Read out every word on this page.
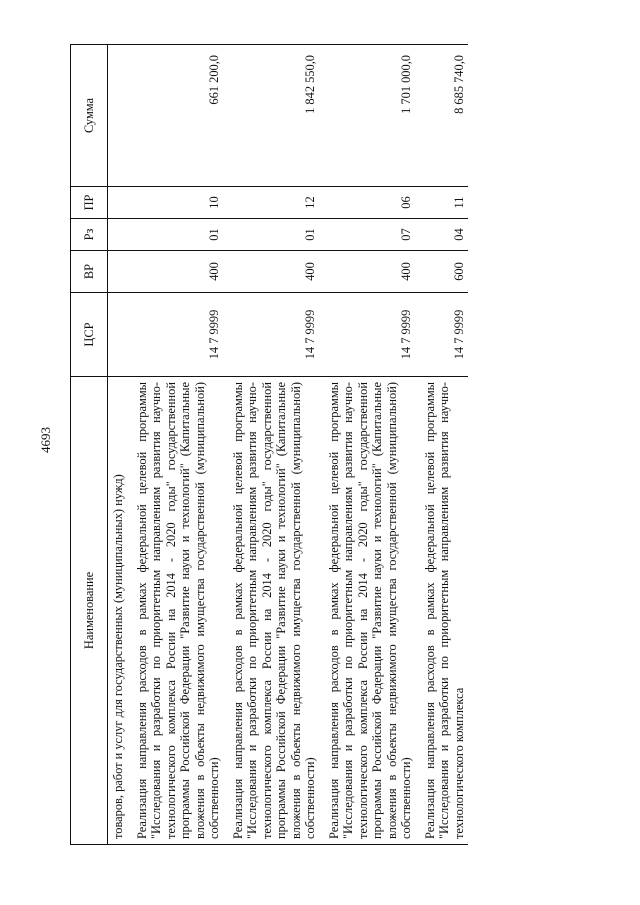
4693
Наименование	ЦСР	ВР	Рз	ПР	Сумма
товаров, работ и услуг для государственных (муниципальных) нужд)					
Реализация направления расходов в рамках федеральной целевой программы "Исследования и разработки по приоритетным направлениям развития научно-технологического комплекса России на 2014 - 2020 годы" государственной программы Российской Федерации "Развитие науки и технологий" (Капитальные вложения в объекты недвижимого имущества государственной (муниципальной) собственности)	14 7 9999	400	01	10	661 200,0
Реализация направления расходов в рамках федеральной целевой программы "Исследования и разработки по приоритетным направлениям развития научно-технологического комплекса России на 2014 - 2020 годы" государственной программы Российской Федерации "Развитие науки и технологий" (Капитальные вложения в объекты недвижимого имущества государственной (муниципальной) собственности)	14 7 9999	400	01	12	1 842 550,0
Реализация направления расходов в рамках федеральной целевой программы "Исследования и разработки по приоритетным направлениям развития научно-технологического комплекса России на 2014 - 2020 годы" государственной программы Российской Федерации "Развитие науки и технологий" (Капитальные вложения в объекты недвижимого имущества государственной (муниципальной) собственности)	14 7 9999	400	07	06	1 701 000,0
Реализация направления расходов в рамках федеральной целевой программы "Исследования и разработки по приоритетным направлениям развития научно-технологического комплекса	14 7 9999	600	04	11	8 685 740,0
